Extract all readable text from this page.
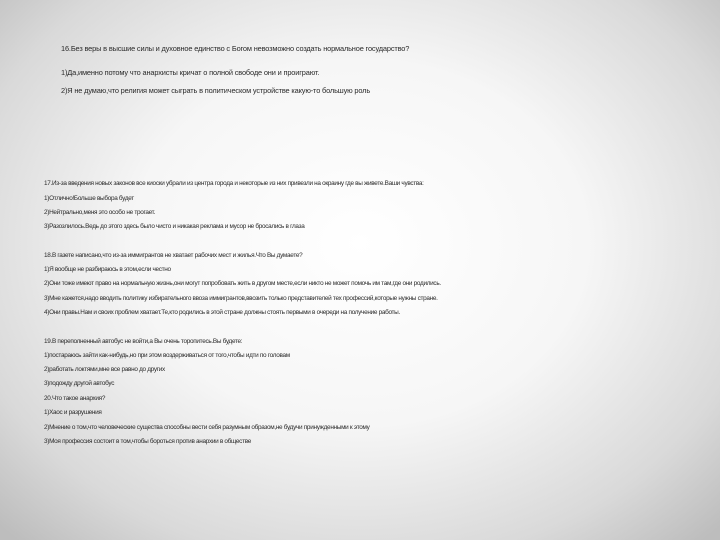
16.Без веры в высшие силы и духовное единство с Богом невозможно создать нормальное государство?
1)Да,именно потому что анархисты кричат о полной свободе они и проиграют.
2)Я не думаю,что религия может сыграть в политическом устройстве какую-то большую роль
17.Из-за введения новых законов все киоски убрали из центра города и некоторые из них привезли на окраину где вы живете.Ваши чувства:
1)Отлично!Больше выбора будет
2)Нейтрально,меня это особо не трогает.
3)Разозлилось.Ведь до этого здесь было чисто и никакая реклама и мусор не бросались в глаза
18.В газете написано,что из-за иммигрантов не хватает рабочих мест и жилья.Что Вы думаете?
1)Я вообще не разбираюсь в этом,если честно
2)Они тоже имеют право на нормальную жизнь,они могут попробовать жить в другом месте,если никто не может помочь им там,где они родились.
3)Мне кажется,надо вводить политику избирательного ввоза иммигрантов,ввозить только представителей тех профессий,которые нужны стране.
4)Они правы.Нам и своих проблем хватает.Те,кто родились в этой стране должны стоять первыми в очереди на получение работы.
19.В переполненный автобус не войти,а Вы очень торопитесь.Вы будете:
1)постараюсь зайти как-нибудь,но при этом воздерживаться от того,чтобы идти по головам
2)работать локтями,мне все равно до других
3)подожду другой автобус
20.Что такое анархия?
1)Хаос и разрушения
2)Мнение о том,что человеческие существа способны вести себя разумным образом,не будучи принужденными к этому
3)Моя профессия состоит в том,чтобы бороться против анархии в обществе
